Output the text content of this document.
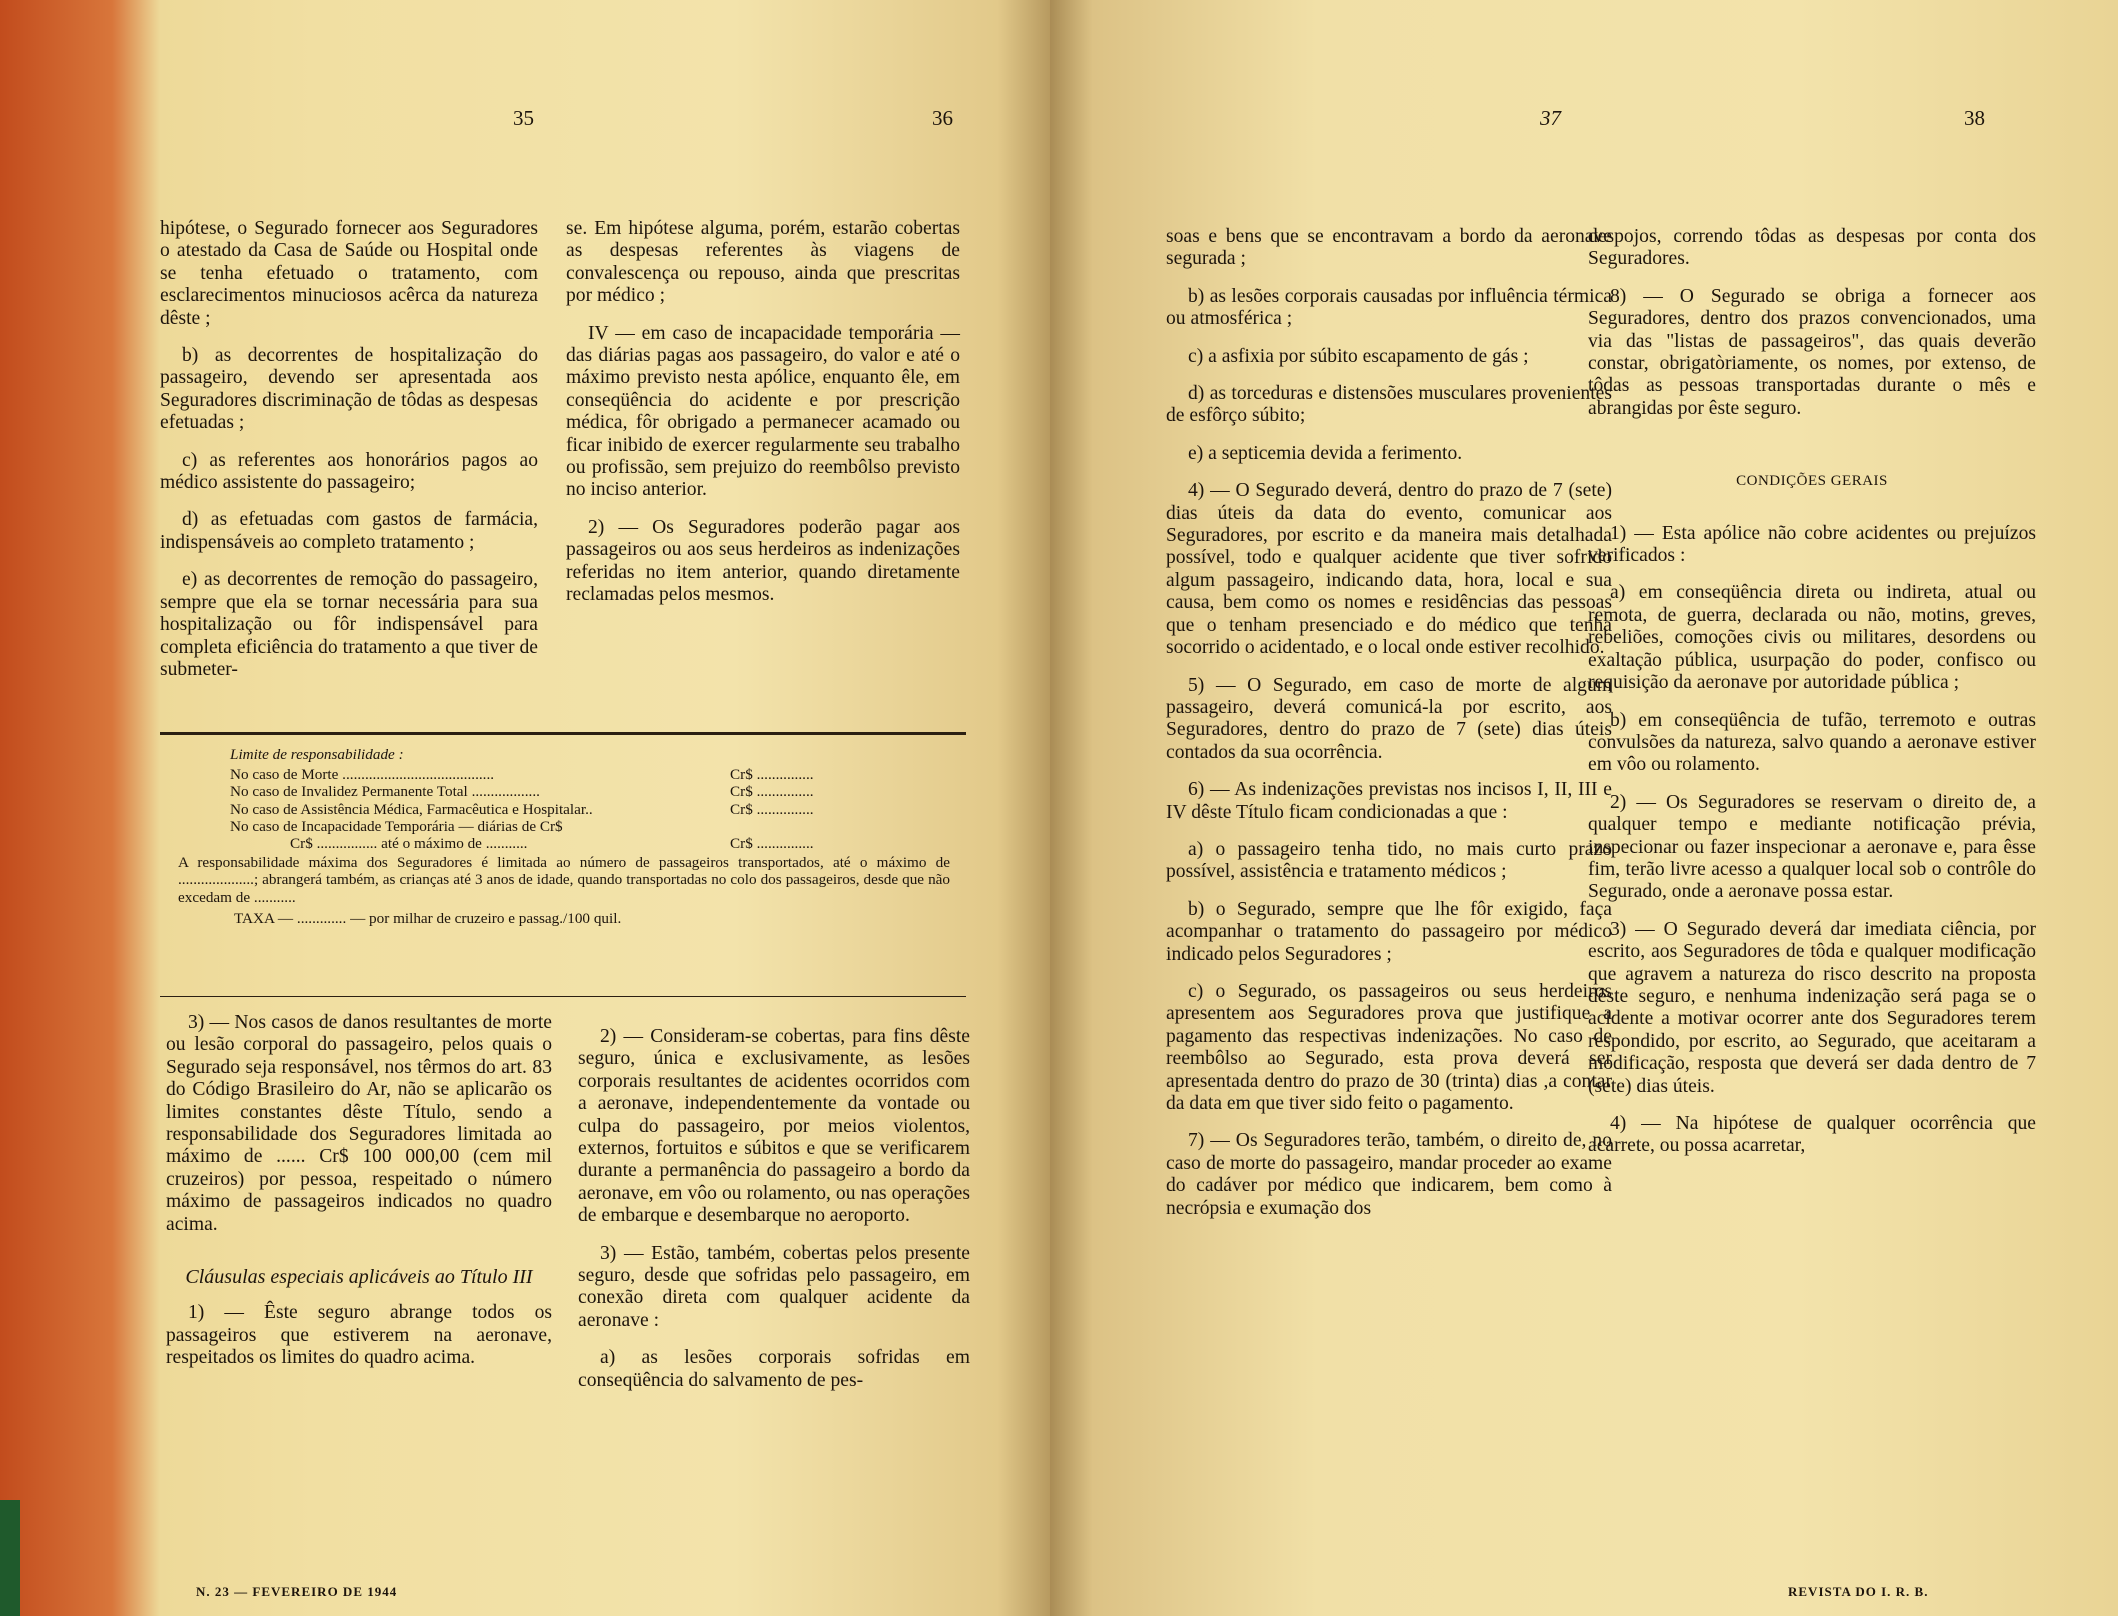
35	36

hipótese, o Segurado fornecer aos Seguradores o atestado da Casa de Saúde ou Hospital onde se tenha efetuado o tratamento, com esclarecimentos minuciosos acêrca da natureza dêste ;

b) as decorrentes de hospitalização do passageiro, devendo ser apresentada aos Seguradores discriminação de tôdas as despesas efetuadas ;

c) as referentes aos honorários pagos ao médico assistente do passageiro;

d) as efetuadas com gastos de farmácia, indispensáveis ao completo tratamento ;

e) as decorrentes de remoção do passageiro, sempre que ela se tornar necessária para sua hospitalização ou fôr indispensável para completa eficiência do tratamento a que tiver de submeter-

se. Em hipótese alguma, porém, estarão cobertas as despesas referentes às viagens de convalescença ou repouso, ainda que prescritas por médico ;

IV — em caso de incapacidade temporária — das diárias pagas aos passageiro, do valor e até o máximo previsto nesta apólice, enquanto êle, em conseqüência do acidente e por prescrição médica, fôr obrigado a permanecer acamado ou ficar inibido de exercer regularmente seu trabalho ou profissão, sem prejuizo do reembôlso previsto no inciso anterior.

2) — Os Seguradores poderão pagar aos passageiros ou aos seus herdeiros as indenizações referidas no item anterior, quando diretamente reclamadas pelos mesmos.

Limite de responsabilidade :
No caso de Morte ........................................	Cr$ ...............
No caso de Invalidez Permanente Total ..................	Cr$ ...............
No caso de Assistência Médica, Farmacêutica e Hospitalar..	Cr$ ...............
No caso de Incapacidade Temporária — diárias de Cr$
Cr$ ................ até o máximo de ...........	Cr$ ...............
A responsabilidade máxima dos Seguradores é limitada ao número de passageiros transportados, até o máximo de ....................; abrangerá também, as crianças até 3 anos de idade, quando transportadas no colo dos passageiros, desde que não excedam de ...........
TAXA — ............. — por milhar de cruzeiro e passag./100 quil.

3) — Nos casos de danos resultantes de morte ou lesão corporal do passageiro, pelos quais o Segurado seja responsável, nos têrmos do art. 83 do Código Brasileiro do Ar, não se aplicarão os limites constantes dêste Título, sendo a responsabilidade dos Seguradores limitada ao máximo de ...... Cr$ 100 000,00 (cem mil cruzeiros) por pessoa, respeitado o número máximo de passageiros indicados no quadro acima.

Cláusulas especiais aplicáveis ao Título III

1) — Êste seguro abrange todos os passageiros que estiverem na aeronave, respeitados os limites do quadro acima.

2) — Consideram-se cobertas, para fins dêste seguro, única e exclusivamente, as lesões corporais resultantes de acidentes ocorridos com a aeronave, independentemente da vontade ou culpa do passageiro, por meios violentos, externos, fortuitos e súbitos e que se verificarem durante a permanência do passageiro a bordo da aeronave, em vôo ou rolamento, ou nas operações de embarque e desembarque no aeroporto.

3) — Estão, também, cobertas pelos presente seguro, desde que sofridas pelo passageiro, em conexão direta com qualquer acidente da aeronave :

a) as lesões corporais sofridas em conseqüência do salvamento de pes-

N. 23 — FEVEREIRO DE 1944
37	38

soas e bens que se encontravam a bordo da aeronave segurada ;

b) as lesões corporais causadas por influência térmica ou atmosférica ;

c) a asfixia por súbito escapamento de gás ;

d) as torceduras e distensões musculares provenientes de esfôrço súbito;

e) a septicemia devida a ferimento.

4) — O Segurado deverá, dentro do prazo de 7 (sete) dias úteis da data do evento, comunicar aos Seguradores, por escrito e da maneira mais detalhada possível, todo e qualquer acidente que tiver sofrido algum passageiro, indicando data, hora, local e sua causa, bem como os nomes e residências das pessoas que o tenham presenciado e do médico que tenha socorrido o acidentado, e o local onde estiver recolhido.

5) — O Segurado, em caso de morte de algum passageiro, deverá comunicá-la por escrito, aos Seguradores, dentro do prazo de 7 (sete) dias úteis contados da sua ocorrência.

6) — As indenizações previstas nos incisos I, II, III e IV dêste Título ficam condicionadas a que :

a) o passageiro tenha tido, no mais curto prazo possível, assistência e tratamento médicos ;

b) o Segurado, sempre que lhe fôr exigido, faça acompanhar o tratamento do passageiro por médico indicado pelos Seguradores ;

c) o Segurado, os passageiros ou seus herdeiros apresentem aos Seguradores prova que justifique a pagamento das respectivas indenizações. No caso de reembôlso ao Segurado, esta prova deverá ser apresentada dentro do prazo de 30 (trinta) dias ,a contar da data em que tiver sido feito o pagamento.

7) — Os Seguradores terão, também, o direito de, no caso de morte do passageiro, mandar proceder ao exame do cadáver por médico que indicarem, bem como à necrópsia e exumação dos

despojos, correndo tôdas as despesas por conta dos Seguradores.

8) — O Segurado se obriga a fornecer aos Seguradores, dentro dos prazos convencionados, uma via das "listas de passageiros", das quais deverão constar, obrigatòriamente, os nomes, por extenso, de tôdas as pessoas transportadas durante o mês e abrangidas por êste seguro.

CONDIÇÕES GERAIS

1) — Esta apólice não cobre acidentes ou prejuízos verificados :

a) em conseqüência direta ou indireta, atual ou remota, de guerra, declarada ou não, motins, greves, rebeliões, comoções civis ou militares, desordens ou exaltação pública, usurpação do poder, confisco ou requisição da aeronave por autoridade pública ;

b) em conseqüência de tufão, terremoto e outras convulsões da natureza, salvo quando a aeronave estiver em vôo ou rolamento.

2) — Os Seguradores se reservam o direito de, a qualquer tempo e mediante notificação prévia, inspecionar ou fazer inspecionar a aeronave e, para êsse fim, terão livre acesso a qualquer local sob o contrôle do Segurado, onde a aeronave possa estar.

3) — O Segurado deverá dar imediata ciência, por escrito, aos Seguradores de tôda e qualquer modificação que agravem a natureza do risco descrito na proposta dêste seguro, e nenhuma indenização será paga se o acidente a motivar ocorrer ante dos Seguradores terem respondido, por escrito, ao Segurado, que aceitaram a modificação, resposta que deverá ser dada dentro de 7 (sete) dias úteis.

4) — Na hipótese de qualquer ocorrência que acarrete, ou possa acarretar,

REVISTA DO I. R. B.
